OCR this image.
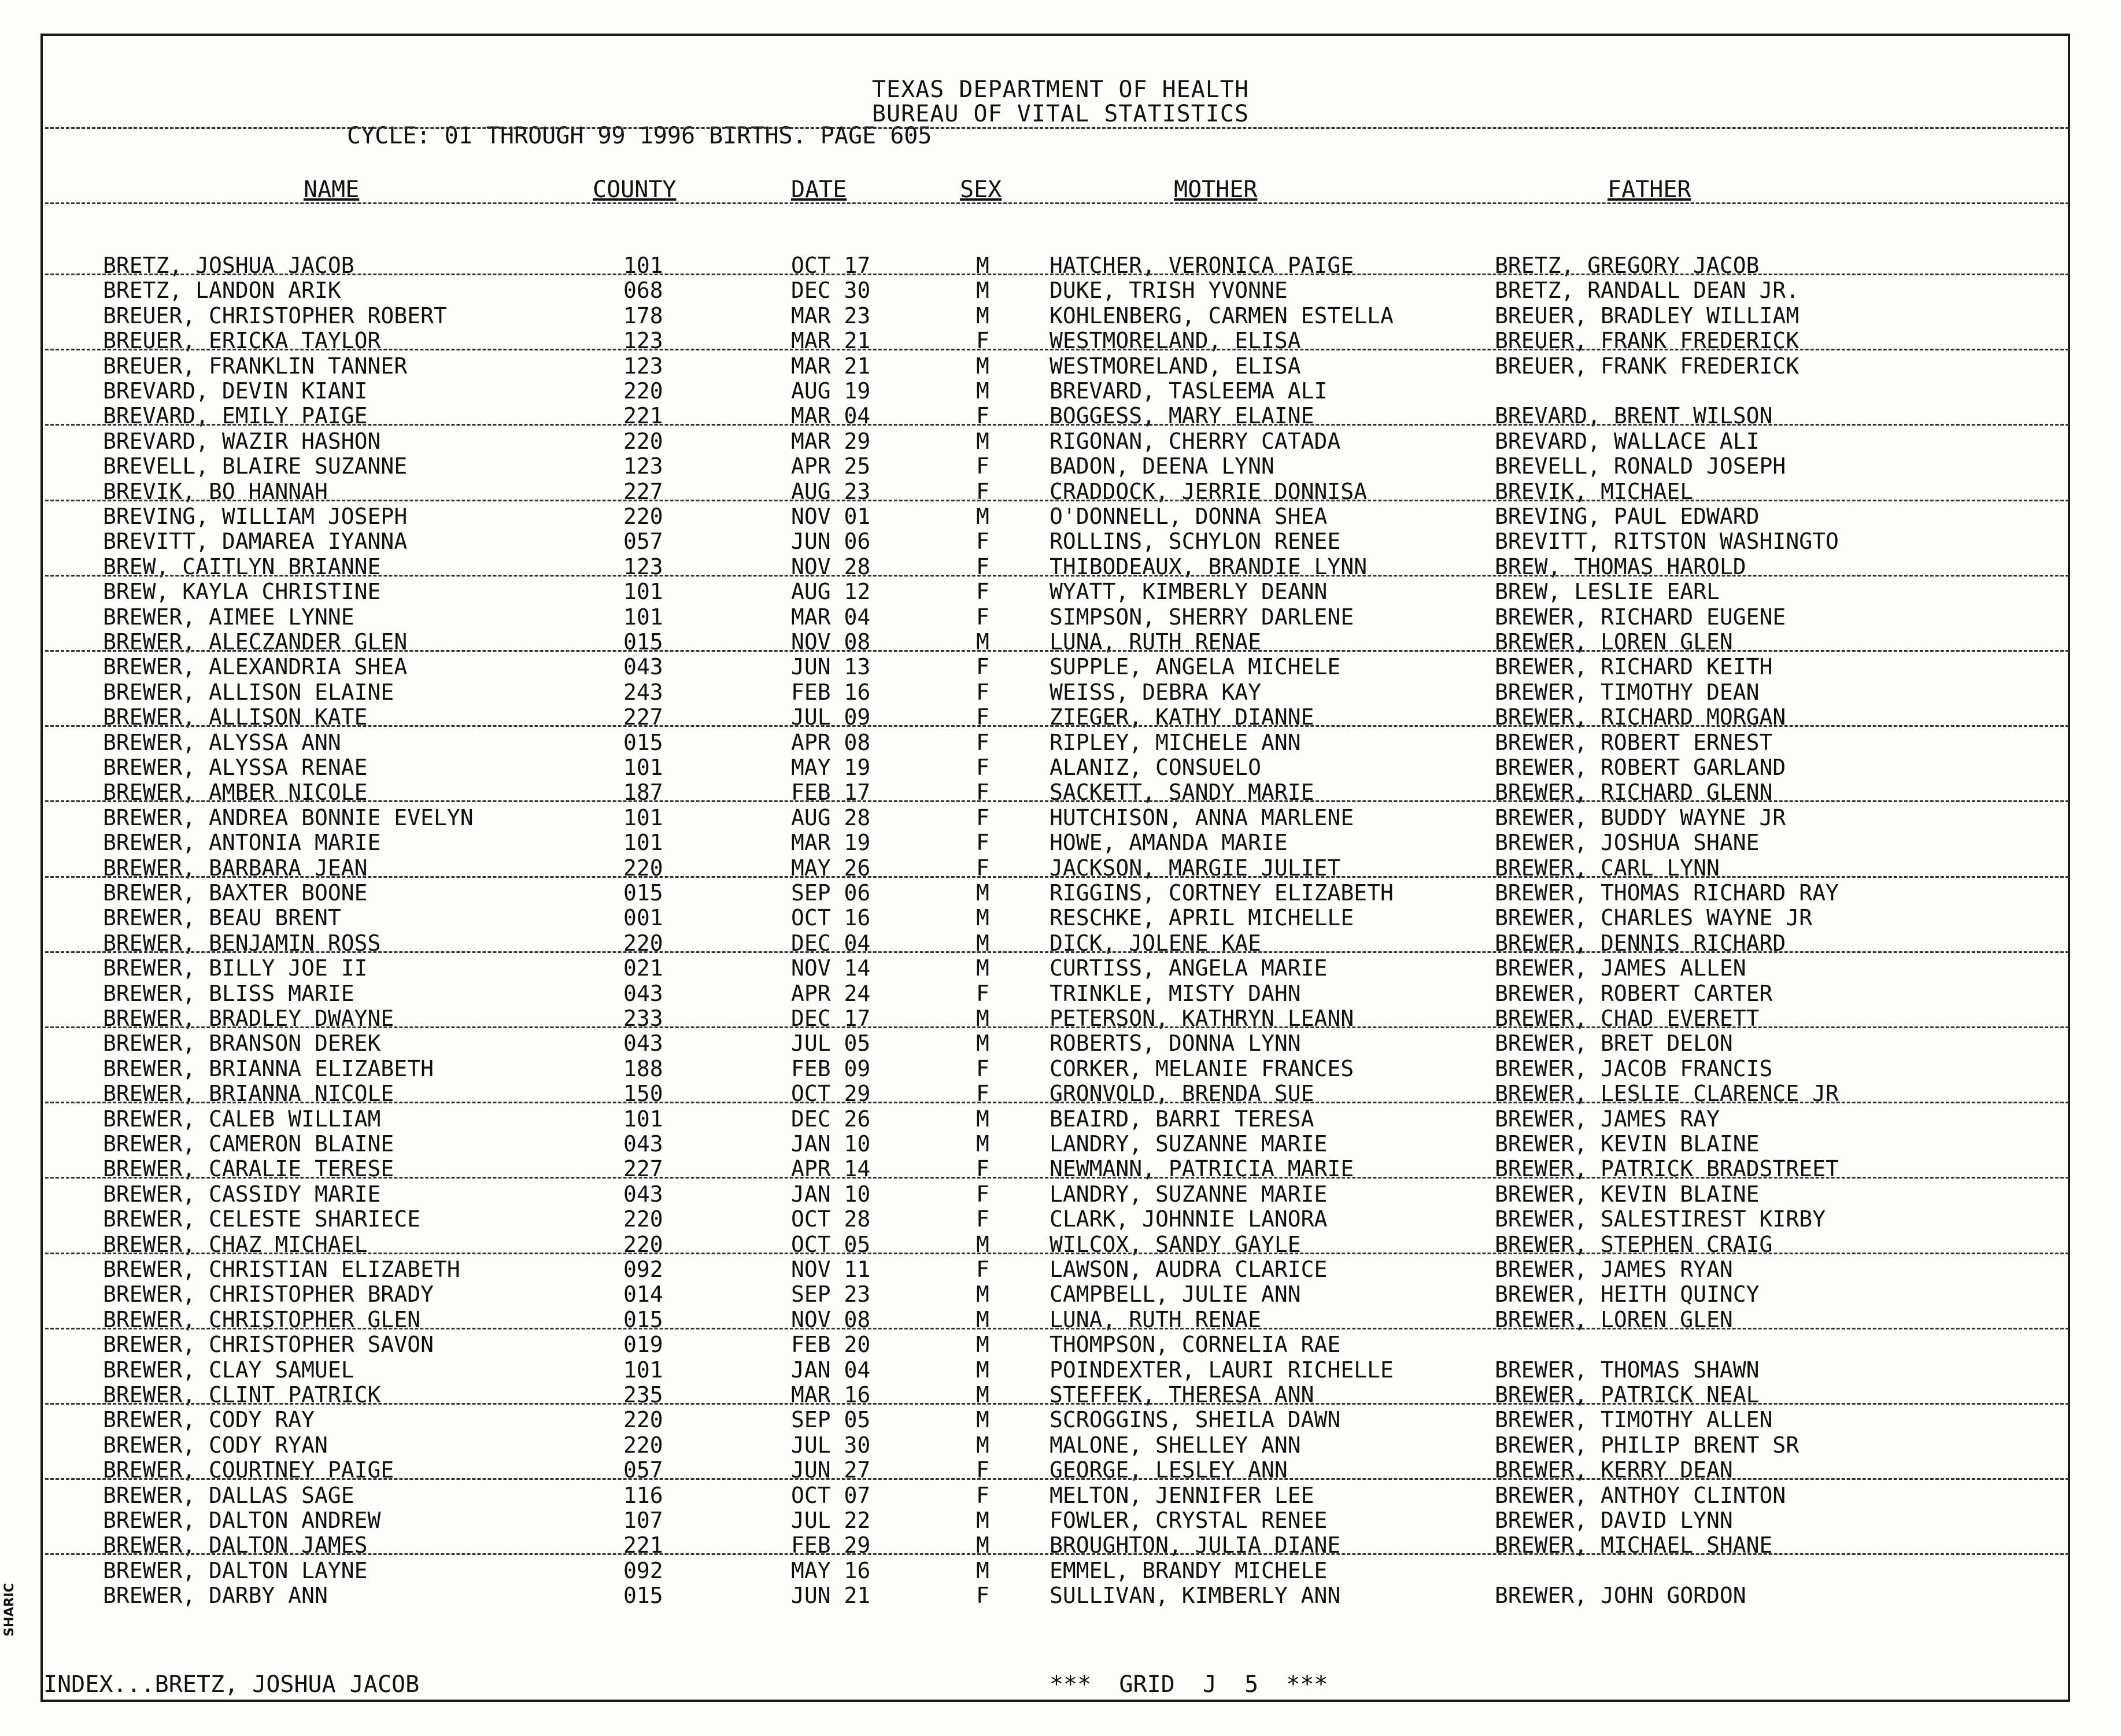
TEXAS DEPARTMENT OF HEALTH
BUREAU OF VITAL STATISTICS
CYCLE: 01 THROUGH 99 1996 BIRTHS. PAGE 605
NAME	COUNTY	DATE	SEX	MOTHER	FATHER
BRETZ, JOSHUA JACOB	101	OCT 17	M	HATCHER, VERONICA PAIGE	BRETZ, GREGORY JACOB
BRETZ, LANDON ARIK	068	DEC 30	M	DUKE, TRISH YVONNE	BRETZ, RANDALL DEAN JR.
BREUER, CHRISTOPHER ROBERT	178	MAR 23	M	KOHLENBERG, CARMEN ESTELLA	BREUER, BRADLEY WILLIAM
BREUER, ERICKA TAYLOR	123	MAR 21	F	WESTMORELAND, ELISA	BREUER, FRANK FREDERICK
BREUER, FRANKLIN TANNER	123	MAR 21	M	WESTMORELAND, ELISA	BREUER, FRANK FREDERICK
BREVARD, DEVIN KIANI	220	AUG 19	M	BREVARD, TASLEEMA ALI
BREVARD, EMILY PAIGE	221	MAR 04	F	BOGGESS, MARY ELAINE	BREVARD, BRENT WILSON
BREVARD, WAZIR HASHON	220	MAR 29	M	RIGONAN, CHERRY CATADA	BREVARD, WALLACE ALI
BREVELL, BLAIRE SUZANNE	123	APR 25	F	BADON, DEENA LYNN	BREVELL, RONALD JOSEPH
BREVIK, BO HANNAH	227	AUG 23	F	CRADDOCK, JERRIE DONNISA	BREVIK, MICHAEL
BREVING, WILLIAM JOSEPH	220	NOV 01	M	O'DONNELL, DONNA SHEA	BREVING, PAUL EDWARD
BREVITT, DAMAREA IYANNA	057	JUN 06	F	ROLLINS, SCHYLON RENEE	BREVITT, RITSTON WASHINGTO
BREW, CAITLYN BRIANNE	123	NOV 28	F	THIBODEAUX, BRANDIE LYNN	BREW, THOMAS HAROLD
BREW, KAYLA CHRISTINE	101	AUG 12	F	WYATT, KIMBERLY DEANN	BREW, LESLIE EARL
BREWER, AIMEE LYNNE	101	MAR 04	F	SIMPSON, SHERRY DARLENE	BREWER, RICHARD EUGENE
BREWER, ALECZANDER GLEN	015	NOV 08	M	LUNA, RUTH RENAE	BREWER, LOREN GLEN
BREWER, ALEXANDRIA SHEA	043	JUN 13	F	SUPPLE, ANGELA MICHELE	BREWER, RICHARD KEITH
BREWER, ALLISON ELAINE	243	FEB 16	F	WEISS, DEBRA KAY	BREWER, TIMOTHY DEAN
BREWER, ALLISON KATE	227	JUL 09	F	ZIEGER, KATHY DIANNE	BREWER, RICHARD MORGAN
BREWER, ALYSSA ANN	015	APR 08	F	RIPLEY, MICHELE ANN	BREWER, ROBERT ERNEST
BREWER, ALYSSA RENAE	101	MAY 19	F	ALANIZ, CONSUELO	BREWER, ROBERT GARLAND
BREWER, AMBER NICOLE	187	FEB 17	F	SACKETT, SANDY MARIE	BREWER, RICHARD GLENN
BREWER, ANDREA BONNIE EVELYN	101	AUG 28	F	HUTCHISON, ANNA MARLENE	BREWER, BUDDY WAYNE JR
BREWER, ANTONIA MARIE	101	MAR 19	F	HOWE, AMANDA MARIE	BREWER, JOSHUA SHANE
BREWER, BARBARA JEAN	220	MAY 26	F	JACKSON, MARGIE JULIET	BREWER, CARL LYNN
BREWER, BAXTER BOONE	015	SEP 06	M	RIGGINS, CORTNEY ELIZABETH	BREWER, THOMAS RICHARD RAY
BREWER, BEAU BRENT	001	OCT 16	M	RESCHKE, APRIL MICHELLE	BREWER, CHARLES WAYNE JR
BREWER, BENJAMIN ROSS	220	DEC 04	M	DICK, JOLENE KAE	BREWER, DENNIS RICHARD
BREWER, BILLY JOE II	021	NOV 14	M	CURTISS, ANGELA MARIE	BREWER, JAMES ALLEN
BREWER, BLISS MARIE	043	APR 24	F	TRINKLE, MISTY DAHN	BREWER, ROBERT CARTER
BREWER, BRADLEY DWAYNE	233	DEC 17	M	PETERSON, KATHRYN LEANN	BREWER, CHAD EVERETT
BREWER, BRANSON DEREK	043	JUL 05	M	ROBERTS, DONNA LYNN	BREWER, BRET DELON
BREWER, BRIANNA ELIZABETH	188	FEB 09	F	CORKER, MELANIE FRANCES	BREWER, JACOB FRANCIS
BREWER, BRIANNA NICOLE	150	OCT 29	F	GRONVOLD, BRENDA SUE	BREWER, LESLIE CLARENCE JR
BREWER, CALEB WILLIAM	101	DEC 26	M	BEAIRD, BARRI TERESA	BREWER, JAMES RAY
BREWER, CAMERON BLAINE	043	JAN 10	M	LANDRY, SUZANNE MARIE	BREWER, KEVIN BLAINE
BREWER, CARALIE TERESE	227	APR 14	F	NEWMANN, PATRICIA MARIE	BREWER, PATRICK BRADSTREET
BREWER, CASSIDY MARIE	043	JAN 10	F	LANDRY, SUZANNE MARIE	BREWER, KEVIN BLAINE
BREWER, CELESTE SHARIECE	220	OCT 28	F	CLARK, JOHNNIE LANORA	BREWER, SALESTIREST KIRBY
BREWER, CHAZ MICHAEL	220	OCT 05	M	WILCOX, SANDY GAYLE	BREWER, STEPHEN CRAIG
BREWER, CHRISTIAN ELIZABETH	092	NOV 11	F	LAWSON, AUDRA CLARICE	BREWER, JAMES RYAN
BREWER, CHRISTOPHER BRADY	014	SEP 23	M	CAMPBELL, JULIE ANN	BREWER, HEITH QUINCY
BREWER, CHRISTOPHER GLEN	015	NOV 08	M	LUNA, RUTH RENAE	BREWER, LOREN GLEN
BREWER, CHRISTOPHER SAVON	019	FEB 20	M	THOMPSON, CORNELIA RAE
BREWER, CLAY SAMUEL	101	JAN 04	M	POINDEXTER, LAURI RICHELLE	BREWER, THOMAS SHAWN
BREWER, CLINT PATRICK	235	MAR 16	M	STEFFEK, THERESA ANN	BREWER, PATRICK NEAL
BREWER, CODY RAY	220	SEP 05	M	SCROGGINS, SHEILA DAWN	BREWER, TIMOTHY ALLEN
BREWER, CODY RYAN	220	JUL 30	M	MALONE, SHELLEY ANN	BREWER, PHILIP BRENT SR
BREWER, COURTNEY PAIGE	057	JUN 27	F	GEORGE, LESLEY ANN	BREWER, KERRY DEAN
BREWER, DALLAS SAGE	116	OCT 07	F	MELTON, JENNIFER LEE	BREWER, ANTHOY CLINTON
BREWER, DALTON ANDREW	107	JUL 22	M	FOWLER, CRYSTAL RENEE	BREWER, DAVID LYNN
BREWER, DALTON JAMES	221	FEB 29	M	BROUGHTON, JULIA DIANE	BREWER, MICHAEL SHANE
BREWER, DALTON LAYNE	092	MAY 16	M	EMMEL, BRANDY MICHELE
BREWER, DARBY ANN	015	JUN 21	F	SULLIVAN, KIMBERLY ANN	BREWER, JOHN GORDON
INDEX...BRETZ, JOSHUA JACOB	***  GRID  J  5  ***
SHARIC
